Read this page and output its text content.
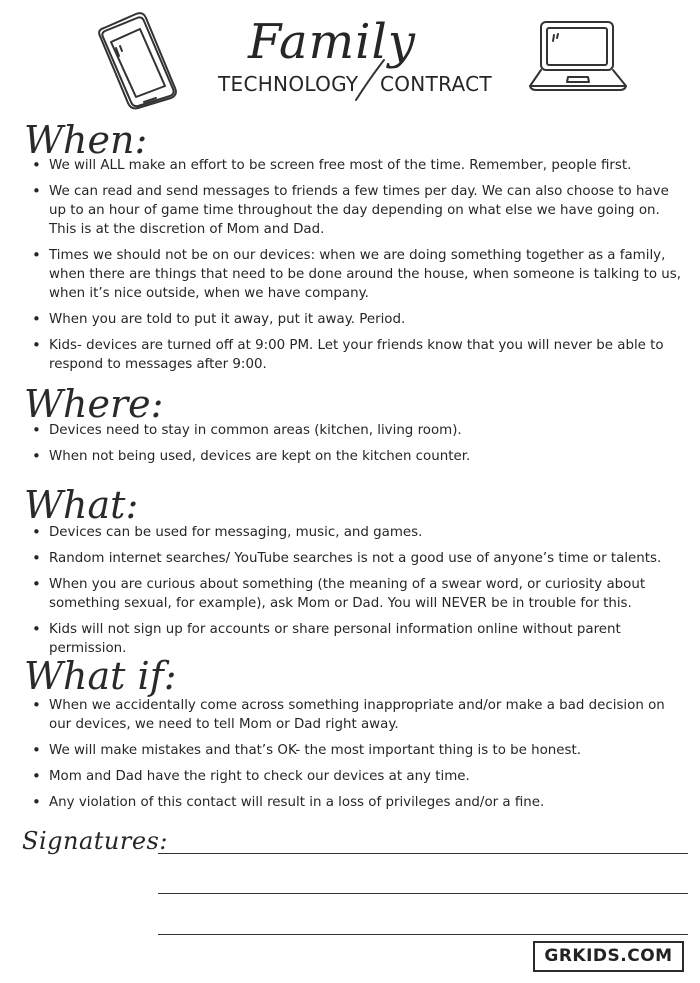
Family
TECHNOLOGY CONTRACT
When:
• We will ALL make an effort to be screen free most of the time. Remember, people first.
• We can read and send messages to friends a few times per day. We can also choose to have up to an hour of game time throughout the day depending on what else we have going on. This is at the discretion of Mom and Dad.
• Times we should not be on our devices: when we are doing something together as a family, when there are things that need to be done around the house, when someone is talking to us, when it’s nice outside, when we have company.
• When you are told to put it away, put it away. Period.
• Kids- devices are turned off at 9:00 PM. Let your friends know that you will never be able to respond to messages after 9:00.
Where:
• Devices need to stay in common areas (kitchen, living room).
• When not being used, devices are kept on the kitchen counter.
What:
• Devices can be used for messaging, music, and games.
• Random internet searches/ YouTube searches is not a good use of anyone’s time or talents.
• When you are curious about something (the meaning of a swear word, or curiosity about something sexual, for example), ask Mom or Dad. You will NEVER be in trouble for this.
• Kids will not sign up for accounts or share personal information online without parent permission.
What if:
• When we accidentally come across something inappropriate and/or make a bad decision on our devices, we need to tell Mom or Dad right away.
• We will make mistakes and that’s OK- the most important thing is to be honest.
• Mom and Dad have the right to check our devices at any time.
• Any violation of this contact will result in a loss of privileges and/or a fine.
Signatures:
GRKIDS.COM
